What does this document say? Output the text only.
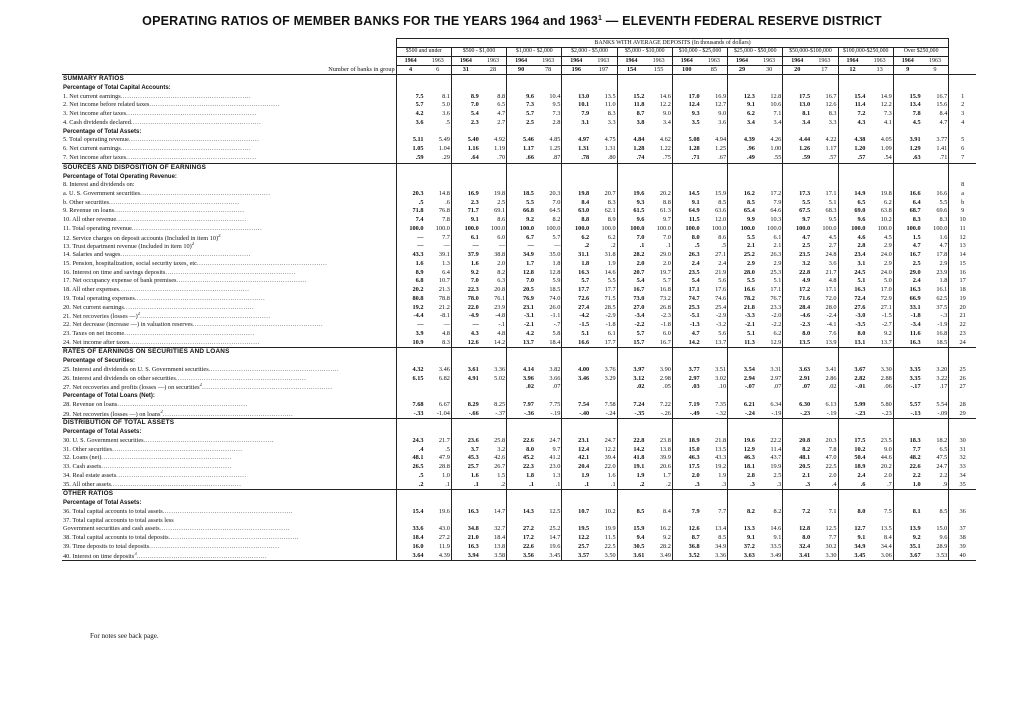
OPERATING RATIOS OF MEMBER BANKS FOR THE YEARS 1964 and 1963$^1$ — ELEVENTH FEDERAL RESERVE DISTRICT
	BANKS WITH AVERAGE DEPOSITS (In thousands of dollars)																				
	$500 and under		$500 - $1,000		$1,000 - $2,000		$2,000 - $5,000		$5,000 - $10,000		$10,000 - $25,000		$25,000 - $50,000		$50,000-$100,000		$100,000-$250,000		Over $250,000		
	1964	1963	1964	1963	1964	1963	1964	1963	1964	1963	1964	1963	1964	1963	1964	1963	1964	1963	1964	1963	
Number of banks in group	4	6	31	28	90	78	196	197	154	155	100	85	29	30	20	17	12	13	9	9	
SUMMARY RATIOS																					
Percentage of Total Capital Accounts:																					
1. Net current earnings............................................................	7.5	8.1	8.9	8.8	9.6	10.4	13.0	13.5	15.2	14.6	17.0	16.9	12.3	12.8	17.5	16.7	15.4	14.9	15.9	16.7	1
2. Net income before related taxes............................................................	5.7	5.0	7.0	6.5	7.3	9.5	10.1	11.0	11.8	12.2	12.4	12.7	9.1	10.6	13.0	12.6	11.4	12.2	13.4	15.6	2
3. Net income after taxes............................................................	4.2	3.6	5.4	4.7	5.7	7.3	7.9	8.3	8.7	9.0	9.3	9.0	6.2	7.1	8.1	8.3	7.2	7.3	7.8	8.4	3
4. Cash dividends declared............................................................	3.6	.5	2.3	2.7	2.5	2.8	3.1	3.3	3.8	3.4	3.5	3.6	3.4	3.4	3.4	3.3	4.3	4.1	4.5	4.7	4
Percentage of Total Assets:																					
5. Total operating revenue............................................................	5.11	5.49	5.40	4.92	5.46	4.85	4.97	4.75	4.84	4.62	5.08	4.94	4.39	4.26	4.44	4.22	4.38	4.05	3.91	3.77	5
6. Net current earnings............................................................	1.05	1.04	1.16	1.19	1.17	1.25	1.31	1.31	1.28	1.22	1.28	1.25	.96	1.00	1.26	1.17	1.20	1.09	1.29	1.41	6
7. Net income after taxes............................................................	.59	.29	.64	.70	.66	.87	.78	.80	.74	.75	.71	.67	.49	.55	.59	.57	.57	.54	.63	.71	7
SOURCES AND DISPOSITION OF EARNINGS																					
Percentage of Total Operating Revenue:																					
8. Interest and dividends on:																					8
a. U. S. Government securities............................................................	20.3	14.8	16.9	19.8	18.5	20.3	19.8	20.7	19.6	20.2	14.5	15.9	16.2	17.2	17.3	17.1	14.9	19.8	16.6	16.6	a
b. Other securities............................................................	.5	.6	2.3	2.5	5.5	7.0	8.4	8.3	9.3	8.8	9.1	8.5	8.5	7.9	5.5	5.1	6.5	6.2	6.4	5.5	b
9. Revenue on loans............................................................	71.8	76.8	71.7	69.1	66.8	64.5	63.0	62.1	61.5	61.3	64.9	63.6	65.4	64.6	67.5	68.3	69.0	63.8	68.7	69.6	9
10. All other revenue............................................................	7.4	7.8	9.1	8.6	9.2	8.2	8.8	8.9	9.6	9.7	11.5	12.0	9.9	10.3	9.7	9.5	9.6	10.2	8.3	8.3	10
11. Total operating revenue............................................................	100.0	100.0	100.0	100.0	100.0	100.0	100.0	100.0	100.0	100.0	100.0	100.0	100.0	100.0	100.0	100.0	100.0	100.0	100.0	100.0	11
12. Service charges on deposit accounts (Included in item 10)$^2$	—	7.7	6.1	6.0	6.7	5.7	6.2	6.2	7.0	7.0	8.0	8.6	5.5	6.1	4.7	4.5	4.6	4.5	1.5	1.6	12
13. Trust department revenue (Included in item 10)$^2$	—	—	—	—	—	—	.2	.2	.1	.1	.5	.5	2.1	2.1	2.5	2.7	2.8	2.9	4.7	4.7	13
14. Salaries and wages............................................................	43.3	39.1	37.9	38.8	34.9	35.0	31.1	31.8	28.2	29.0	26.3	27.1	25.2	26.3	23.5	24.8	23.4	24.0	16.7	17.8	14
15. Pension, hospitalization, social security taxes, etc............................................................	1.6	1.3	1.6	2.0	1.7	1.8	1.8	1.9	2.0	2.0	2.4	2.4	2.9	2.9	3.2	3.6	3.1	2.9	2.5	2.9	15
16. Interest on time and savings deposits............................................................	8.9	6.4	9.2	8.2	12.8	12.8	16.3	14.6	20.7	19.7	23.5	21.9	28.0	25.3	22.8	21.7	24.5	24.0	29.0	23.9	16
17. Net occupancy expense of bank premises............................................................	6.8	10.7	7.0	6.3	7.0	5.9	5.7	5.5	5.4	5.7	5.4	5.6	5.5	5.1	4.9	4.8	5.1	5.0	2.4	1.8	17
18. All other expenses............................................................	20.2	21.3	22.3	20.8	20.5	18.5	17.7	17.7	16.7	16.8	17.1	17.6	16.6	17.1	17.2	17.1	16.3	17.0	16.3	16.1	18
19. Total operating expenses............................................................	80.8	78.8	78.0	76.1	76.9	74.0	72.6	71.5	73.0	73.2	74.7	74.6	78.2	76.7	71.6	72.0	72.4	72.9	66.9	62.5	19
20. Net current earnings............................................................	19.2	21.2	22.0	23.9	23.1	26.0	27.4	28.5	27.0	26.8	25.3	25.4	21.8	23.3	28.4	28.0	27.6	27.1	33.1	37.5	20
21. Net recoveries (losses —)$^2$............................................................	-4.4	-8.1	-4.9	-4.8	-3.1	-1.1	-4.2	-2.9	-3.4	-2.3	-5.1	-2.9	-3.3	-2.0	-4.6	-2.4	-3.0	-1.5	-1.8	-.3	21
22. Net decrease (increase —) in valuation reserves............................................................	—	—	—	-.1	-2.1	-.7	-1.5	-1.8	-2.2	-1.8	-1.3	-3.2	-2.1	-2.2	-2.3	-4.1	-3.5	-2.7	-3.4	-1.9	22
23. Taxes on net income............................................................	3.9	4.8	4.3	4.8	4.2	5.8	5.1	6.1	5.7	6.0	4.7	5.6	5.1	6.2	8.0	7.6	8.0	9.2	11.6	16.8	23
24. Net income after taxes............................................................	10.9	8.3	12.6	14.2	13.7	18.4	16.6	17.7	15.7	16.7	14.2	13.7	11.3	12.9	13.5	13.9	13.1	13.7	16.3	18.5	24
RATES OF EARNINGS ON SECURITIES AND LOANS																					
Percentage of Securities:																					
25. Interest and dividends on U. S. Government securities............................................................	4.32	3.46	3.61	3.36	4.14	3.82	4.00	3.76	3.97	3.90	3.77	3.51	3.54	3.31	3.63	3.41	3.67	3.30	3.35	3.20	25
26. Interest and dividends on other securities............................................................	6.15	6.82	4.91	5.02	3.96	3.66	3.46	3.29	3.12	2.98	2.97	3.02	2.94	2.97	2.91	2.86	2.82	2.88	3.35	3.22	26
27. Net recoveries and profits (losses —) on securities$^2$............................................................					.02	.07			.02	.05	.03	.10	-.07	.07	.07	.02	-.01	.06	-.17	.17	27
Percentage of Total Loans (Net):																					
28. Revenue on loans............................................................	7.68	6.67	8.29	8.25	7.97	7.75	7.54	7.58	7.24	7.22	7.19	7.35	6.21	6.34	6.30	6.13	5.99	5.80	5.57	5.54	28
29. Net recoveries (losses —) on loans$^2$............................................................	-.33	-1.04	-.66	-.37	-.36	-.19	-.40	-.24	-.35	-.26	-.49	-.32	-.24	-.19	-.23	-.19	-.23	-.23	-.13	-.09	29
DISTRIBUTION OF TOTAL ASSETS																					
Percentage of Total Assets:																					
30. U. S. Government securities............................................................	24.3	21.7	23.6	25.8	22.6	24.7	23.1	24.7	22.8	23.8	18.9	21.8	19.6	22.2	20.8	20.3	17.5	23.5	18.3	18.2	30
31. Other securities............................................................	.4	.5	3.7	3.2	8.0	9.7	12.4	12.2	14.2	13.8	15.0	13.5	12.9	11.4	8.2	7.8	10.2	9.0	7.7	6.5	31
32. Loans (net)............................................................	48.1	47.9	45.3	42.6	45.2	41.2	42.1	39.4	41.8	39.9	46.3	43.3	46.3	43.7	48.1	47.0	50.4	44.6	48.2	47.5	32
33. Cash assets............................................................	26.5	28.8	25.7	26.7	22.3	23.0	20.4	22.0	19.1	20.6	17.5	19.2	18.1	19.9	20.5	22.5	18.9	20.2	22.6	24.7	33
34. Real estate assets............................................................	.5	1.0	1.6	1.5	1.8	1.3	1.9	1.6	1.9	1.7	2.0	1.9	2.8	2.5	2.1	2.0	2.4	2.0	2.2	2.2	34
35. All other assets............................................................	.2	.1	.1	.2	.1	.1	.1	.1	.2	.2	.3	.3	.3	.3	.3	.4	.6	.7	1.0	.9	35
OTHER RATIOS																					
Percentage of Total Assets:																					
36. Total capital accounts to total assets............................................................	15.4	19.6	16.3	14.7	14.3	12.5	10.7	10.2	8.5	8.4	7.9	7.7	8.2	8.2	7.2	7.1	8.0	7.5	8.1	8.5	36
37. Total capital accounts to total assets less																					
Government securities and cash assets............................................................	33.6	43.0	34.8	32.7	27.2	25.2	19.5	19.9	15.9	16.2	12.6	13.4	13.3	14.6	12.8	12.5	12.7	13.5	13.9	15.0	37
38. Total capital accounts to total deposits............................................................	18.4	27.2	21.0	18.4	17.2	14.7	12.2	11.5	9.4	9.2	8.7	8.5	9.1	9.1	8.0	7.7	9.1	8.4	9.2	9.6	38
39. Time deposits to total deposits............................................................	16.0	11.9	16.3	13.8	22.6	19.6	25.7	22.5	30.5	28.2	36.8	34.9	37.2	33.5	32.4	30.2	34.9	34.4	35.1	28.9	39
40. Interest on time deposits$^3$............................................................	3.64	4.39	3.94	3.58	3.56	3.45	3.57	3.50	3.61	3.49	3.52	3.36	3.63	3.49	3.41	3.30	3.45	3.06	3.67	3.53	40
For notes see back page.
